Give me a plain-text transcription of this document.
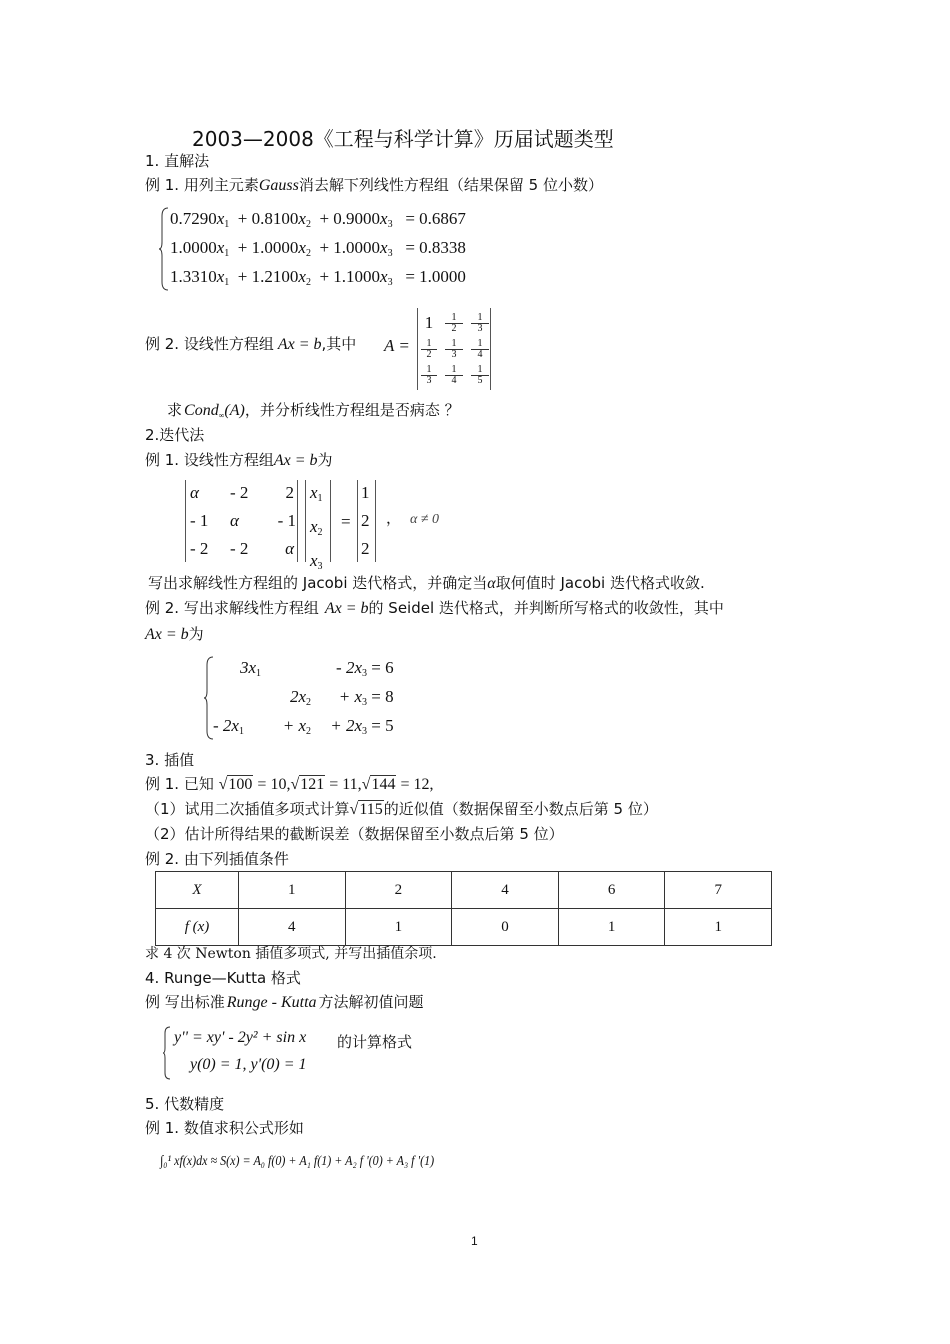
2003—2008《工程与科学计算》历届试题类型
1. 直解法
例 1. 用列主元素Gauss消去解下列线性方程组（结果保留 5 位小数）
$0.7290x_1 + 0.8100x_2 + 0.9000x_3 = 0.6867$
$1.0000x_1 + 1.0000x_2 + 1.0000x_3 = 0.8338$
$1.3310x_1 + 1.2100x_2 + 1.1000x_3 = 1.0000$
例 2. 设线性方程组 Ax = b,其中 A =
1	$\frac{1}{2} \frac{1}{3}$
$\frac{1}{2} \frac{1}{3} \frac{1}{4}$
$\frac{1}{3} \frac{1}{4} \frac{1}{5}$
求 Cond$_\infty$(A)，并分析线性方程组是否病态 ？
2.迭代法
例 1. 设线性方程组Ax = b为
α	- 2	2
- 1	α	- 1
- 2	- 2	α
$x_1$
$x_2$
$x_3$
=
1
2
2
， α ≠ 0
写出求解线性方程组的 Jacobi 迭代格式，并确定当α取何值时 Jacobi 迭代格式收敛.
例 2. 写出求解线性方程组 Ax = b的 Seidel 迭代格式，并判断所写格式的收敛性，其中
Ax = b为
$3x_1$	- $2x_3 = 6$
$2x_2 + x_3 = 8$
- $2x_1 + x_2 + 2x_3 = 5$
3. 插值
例 1. 已知 √100 = 10,√121 = 11,√144 = 12,
（1）试用二次插值多项式计算√115的近似值（数据保留至小数点后第 5 位）
（2）估计所得结果的截断误差（数据保留至小数点后第 5 位）
例 2. 由下列插值条件
X	1	2	4	6	7
f (x)	4	1	0	1	1
求 4 次 Newton 插值多项式, 并写出插值余项.
4. Runge—Kutta 格式
例 写出标准 Runge - Kutta 方法解初值问题
y'' = xy' - 2y² + sin x
y(0) = 1, y'(0) = 1
的计算格式
5. 代数精度
例 1. 数值求积公式形如
∫₀¹ xf(x)dx ≈ S(x) = A₀ f(0) + A₁ f(1) + A₂ f '(0) + A₃ f '(1)
1
